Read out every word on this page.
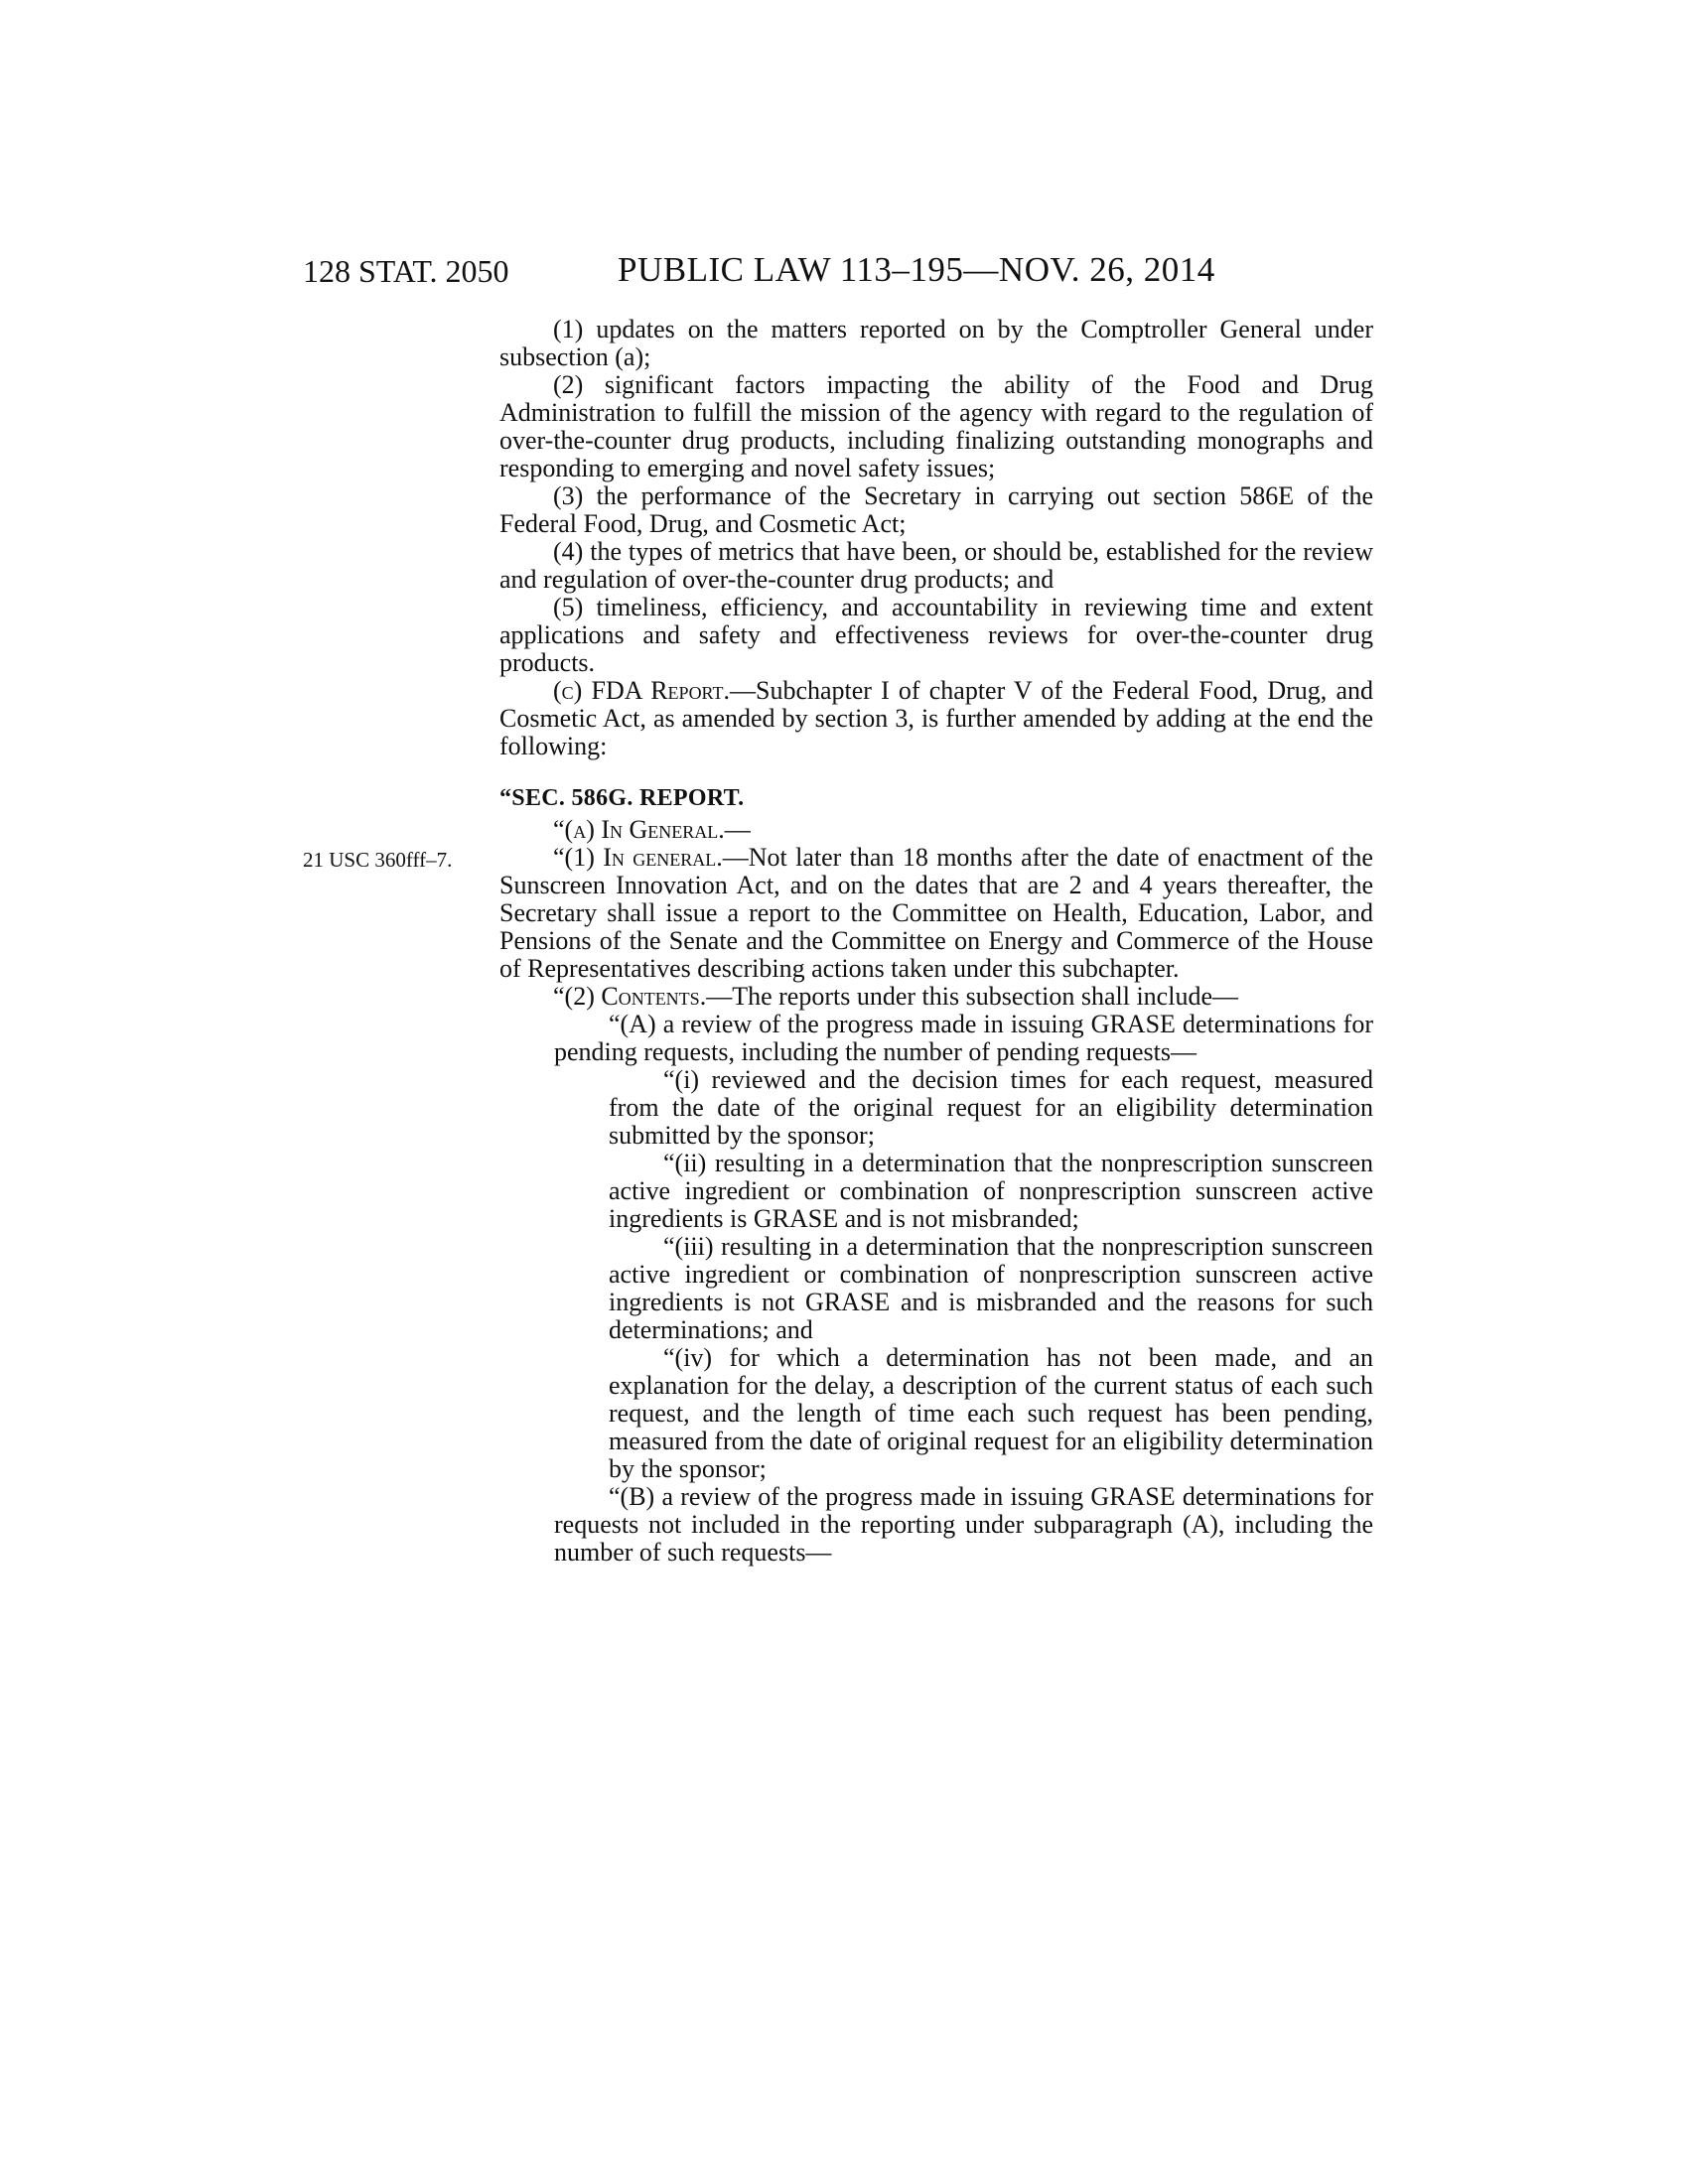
128 STAT. 2050	PUBLIC LAW 113–195—NOV. 26, 2014
21 USC 360fff–7.

(1) updates on the matters reported on by the Comptroller General under subsection (a);

(2) significant factors impacting the ability of the Food and Drug Administration to fulfill the mission of the agency with regard to the regulation of over-the-counter drug products, including finalizing outstanding monographs and responding to emerging and novel safety issues;

(3) the performance of the Secretary in carrying out section 586E of the Federal Food, Drug, and Cosmetic Act;

(4) the types of metrics that have been, or should be, established for the review and regulation of over-the-counter drug products; and

(5) timeliness, efficiency, and accountability in reviewing time and extent applications and safety and effectiveness reviews for over-the-counter drug products.

(c) FDA Report.—Subchapter I of chapter V of the Federal Food, Drug, and Cosmetic Act, as amended by section 3, is further amended by adding at the end the following:

“SEC. 586G. REPORT.

“(a) In General.—

“(1) In general.—Not later than 18 months after the date of enactment of the Sunscreen Innovation Act, and on the dates that are 2 and 4 years thereafter, the Secretary shall issue a report to the Committee on Health, Education, Labor, and Pensions of the Senate and the Committee on Energy and Commerce of the House of Representatives describing actions taken under this subchapter.

“(2) Contents.—The reports under this subsection shall include—

“(A) a review of the progress made in issuing GRASE determinations for pending requests, including the number of pending requests—

“(i) reviewed and the decision times for each request, measured from the date of the original request for an eligibility determination submitted by the sponsor;

“(ii) resulting in a determination that the nonprescription sunscreen active ingredient or combination of nonprescription sunscreen active ingredients is GRASE and is not misbranded;

“(iii) resulting in a determination that the nonprescription sunscreen active ingredient or combination of nonprescription sunscreen active ingredients is not GRASE and is misbranded and the reasons for such determinations; and

“(iv) for which a determination has not been made, and an explanation for the delay, a description of the current status of each such request, and the length of time each such request has been pending, measured from the date of original request for an eligibility determination by the sponsor;

“(B) a review of the progress made in issuing GRASE determinations for requests not included in the reporting under subparagraph (A), including the number of such requests—
